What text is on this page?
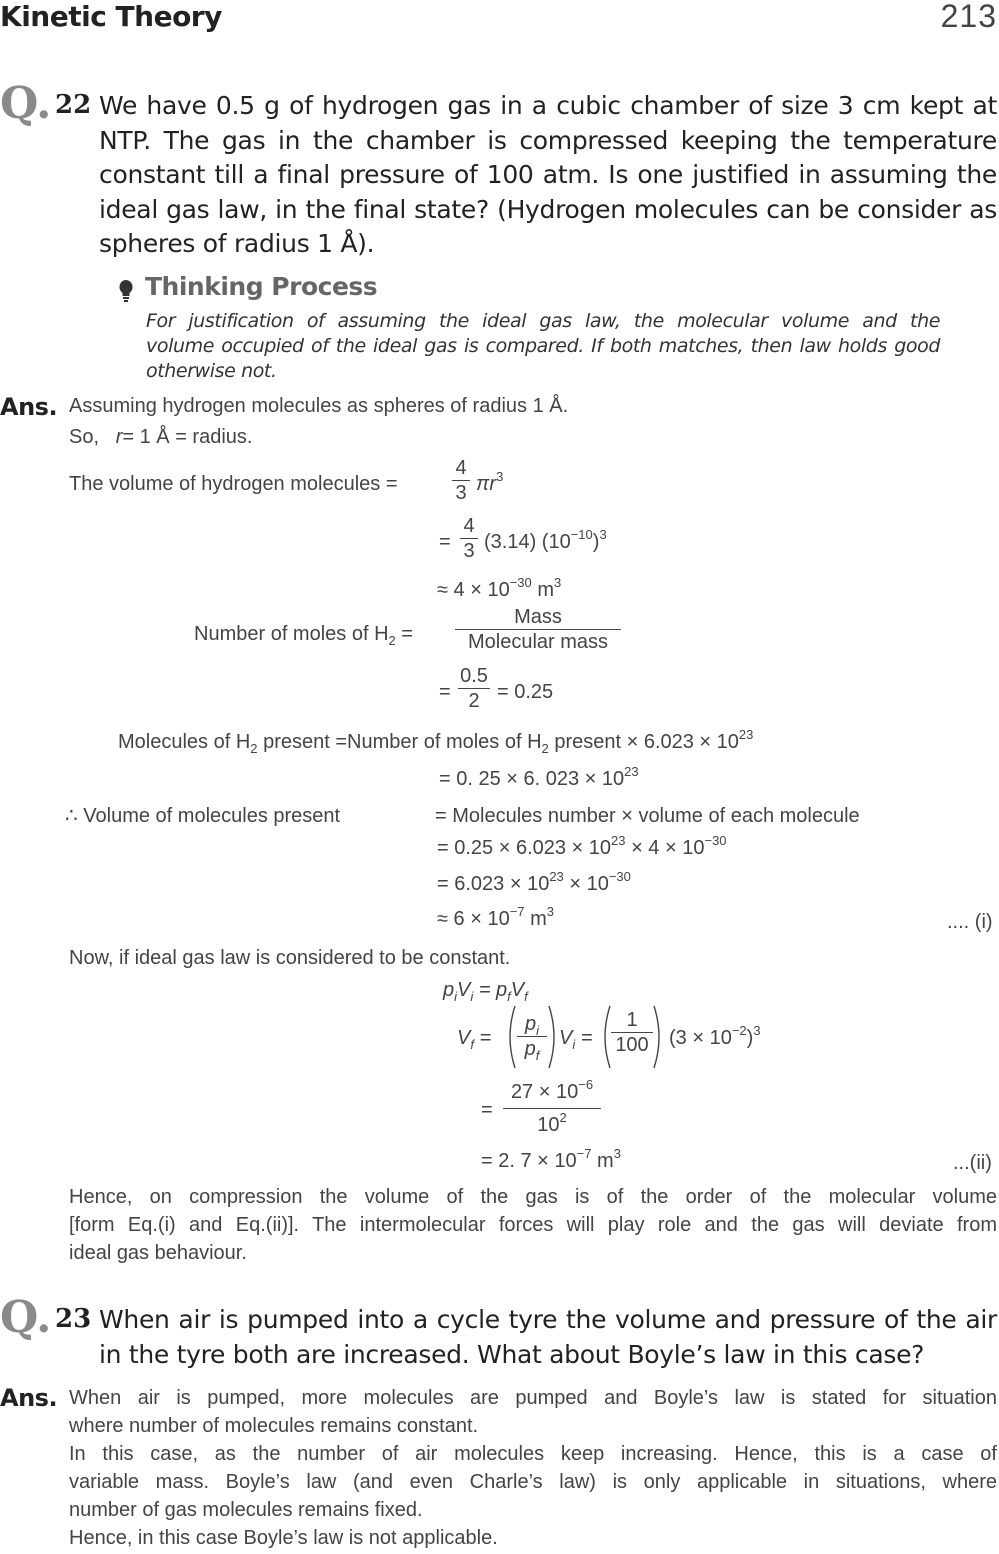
Kinetic Theory	213
Q. 22 We have 0.5 g of hydrogen gas in a cubic chamber of size 3 cm kept at
NTP. The gas in the chamber is compressed keeping the temperature
constant till a final pressure of 100 atm. Is one justified in assuming the
ideal gas law, in the final state? (Hydrogen molecules can be consider as
spheres of radius 1 Å).
Thinking Process
For justification of assuming the ideal gas law, the molecular volume and the
volume occupied of the ideal gas is compared. If both matches, then law holds good
otherwise not.
Ans. Assuming hydrogen molecules as spheres of radius 1 Å.
So, r= 1 Å = radius.
The volume of hydrogen molecules =
4
3 $\pi r^3$
=
4
3 (3.14) $(10^{-10})^3$
≈ $4 \times 10^{-30}$ $m^3$
Number of moles of $H_2$ =
Mass
Molecular mass
=
0.5
2 = 0.25
Molecules of $H_2$ present =Number of moles of $H_2$ present × $6.023 \times 10^{23}$
= 0. 25 × 6. $023 \times 10^{23}$
∴ Volume of molecules present	= Molecules number × volume of each molecule
= $0.25 \times 6.023 \times 10^{23} \times 4 \times 10^{-30}$
= $6.023 \times 10^{23} \times 10^{-30}$
≈ $6 \times 10^{-7}$ $m^3$	.... (i)
Now, if ideal gas law is considered to be constant.
$p_iV_i = p_fV_f$
$V_f$ =
$p_i$
$p_f$
$V_i$ =
1
100 $(3 \times 10^{-2})^3$
=
$27 \times 10^{-6}$
$10^2$
= 2. $7 \times 10^{-7}$ $m^3$	...(ii)
Hence, on compression the volume of the gas is of the order of the molecular volume
[form Eq.(i) and Eq.(ii)]. The intermolecular forces will play role and the gas will deviate from
ideal gas behaviour.
Q. 23 When air is pumped into a cycle tyre the volume and pressure of the air
in the tyre both are increased. What about Boyle’s law in this case?
Ans. When air is pumped, more molecules are pumped and Boyle’s law is stated for situation
where number of molecules remains constant.
In this case, as the number of air molecules keep increasing. Hence, this is a case of
variable mass. Boyle’s law (and even Charle’s law) is only applicable in situations, where
number of gas molecules remains fixed.
Hence, in this case Boyle’s law is not applicable.
